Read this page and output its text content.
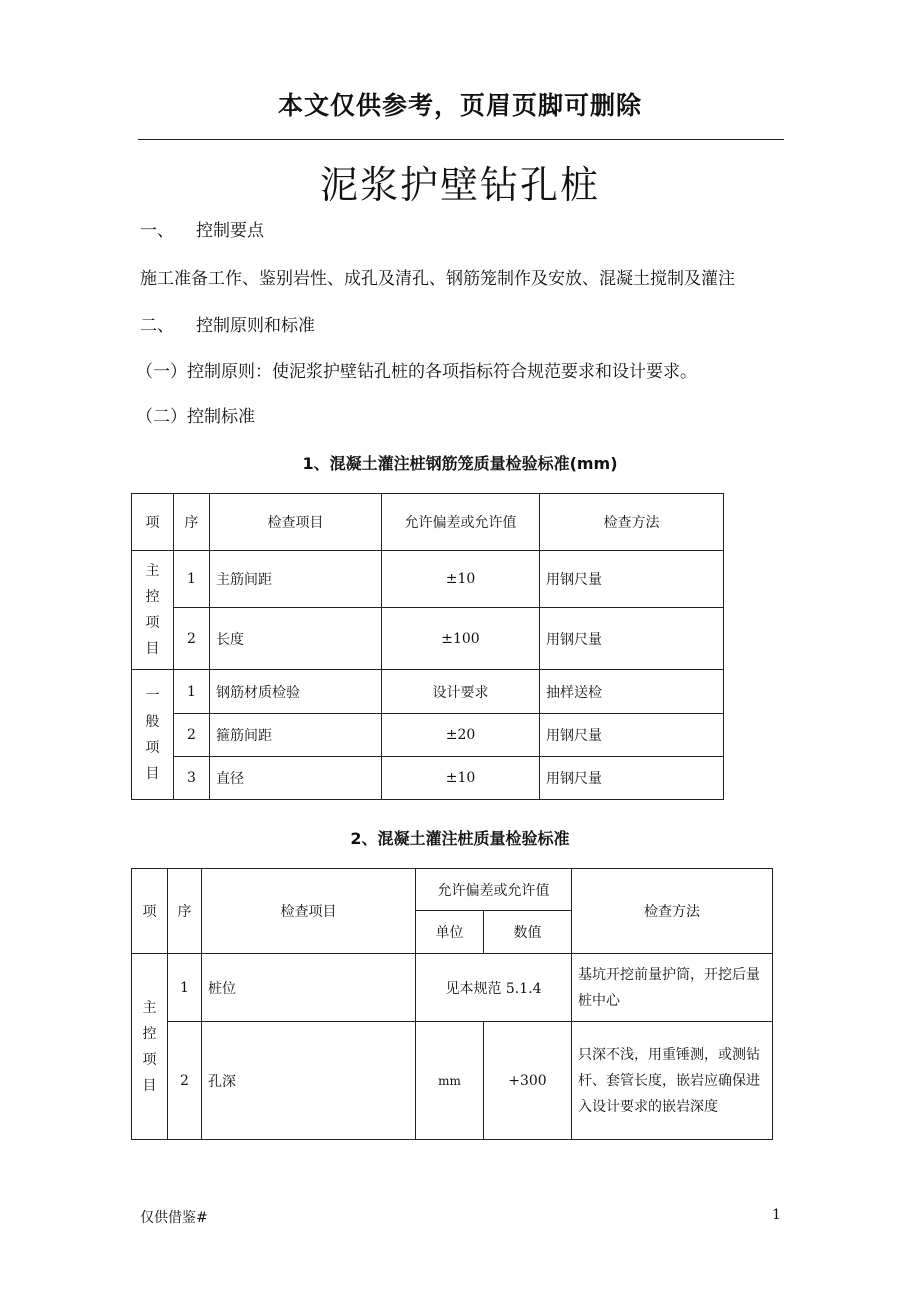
本文仅供参考，页眉页脚可删除
泥浆护壁钻孔桩
一、 控制要点
施工准备工作、鉴别岩性、成孔及清孔、钢筋笼制作及安放、混凝土搅制及灌注
二、 控制原则和标准
（一）控制原则：使泥浆护壁钻孔桩的各项指标符合规范要求和设计要求。
（二）控制标准
1、混凝土灌注桩钢筋笼质量检验标准(mm)
项	序	检查项目	允许偏差或允许值	检查方法

主控项目	1	主筋间距	±10	用钢尺量
	2	长度	±100	用钢尺量

一般项目	1	钢筋材质检验	设计要求	抽样送检
	2	箍筋间距	±20	用钢尺量
	3	直径	±10	用钢尺量
2、混凝土灌注桩质量检验标准
项	序	检查项目	允许偏差或允许值		检查方法
			单位	数值	

主控项目	1	桩位	见本规范 5.1.4		基坑开挖前量护筒，开挖后量桩中心
	2	孔深	mm	+300	只深不浅，用重锤测，或测钻杆、套管长度，嵌岩应确保进入设计要求的嵌岩深度
仅供借鉴#	1
